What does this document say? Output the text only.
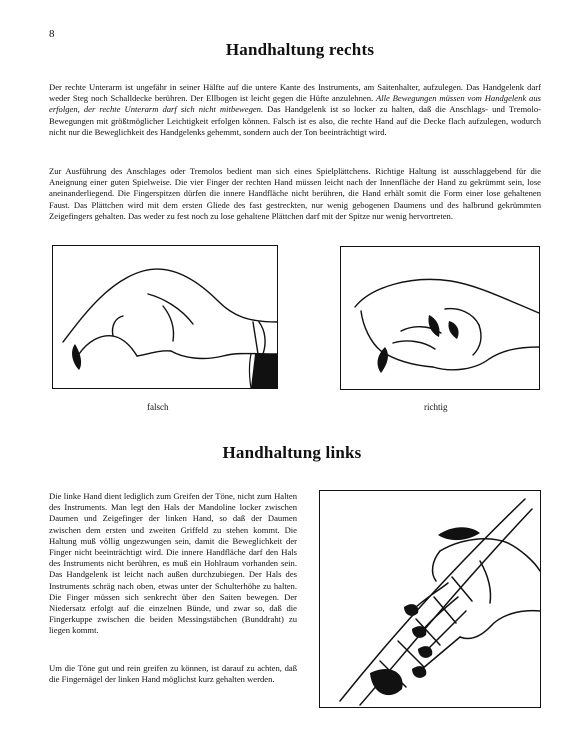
8
Handhaltung rechts

Der rechte Unterarm ist ungefähr in seiner Hälfte auf die untere Kante des Instruments, am Saitenhalter, aufzulegen. Das Handgelenk darf weder Steg noch Schalldecke berühren. Der Ellbogen ist leicht gegen die Hüfte anzulehnen. Alle Bewegungen müssen vom Handgelenk aus erfolgen, der rechte Unterarm darf sich nicht mitbewegen. Das Handgelenk ist so locker zu halten, daß die Anschlags- und Tremolo-Bewegungen mit größtmöglicher Leichtigkeit erfolgen können. Falsch ist es also, die rechte Hand auf die Decke flach aufzulegen, wodurch nicht nur die Beweglichkeit des Handgelenks gehemmt, sondern auch der Ton beeinträchtigt wird.

Zur Ausführung des Anschlages oder Tremolos bedient man sich eines Spielplättchens. Richtige Haltung ist ausschlaggebend für die Aneignung einer guten Spielweise. Die vier Finger der rechten Hand müssen leicht nach der Innenfläche der Hand zu gekrümmt sein, lose aneinanderliegend. Die Fingerspitzen dürfen die innere Handfläche nicht berühren, die Hand erhält somit die Form einer lose gehaltenen Faust. Das Plättchen wird mit dem ersten Gliede des fast gestreckten, nur wenig gebogenen Daumens und des halbrund gekrümmten Zeigefingers gehalten. Das weder zu fest noch zu lose gehaltene Plättchen darf mit der Spitze nur wenig hervortreten.

falsch	richtig
Handhaltung links

Die linke Hand dient lediglich zum Greifen der Töne, nicht zum Halten des Instruments. Man legt den Hals der Mandoline locker zwischen Daumen und Zeigefinger der linken Hand, so daß der Daumen zwischen dem ersten und zweiten Griffeld zu stehen kommt. Die Haltung muß völlig ungezwungen sein, damit die Beweglichkeit der Finger nicht beeinträchtigt wird. Die innere Handfläche darf den Hals des Instruments nicht berühren, es muß ein Hohlraum vorhanden sein. Das Handgelenk ist leicht nach außen durchzubiegen. Der Hals des Instruments schräg nach oben, etwas unter der Schulterhöhe zu halten. Die Finger müssen sich senkrecht über den Saiten bewegen. Der Niedersatz erfolgt auf die einzelnen Bünde, und zwar so, daß die Fingerkuppe zwischen die beiden Messingstäbchen (Bunddraht) zu liegen kommt.

Um die Töne gut und rein greifen zu können, ist darauf zu achten, daß die Fingernägel der linken Hand möglichst kurz gehalten werden.
